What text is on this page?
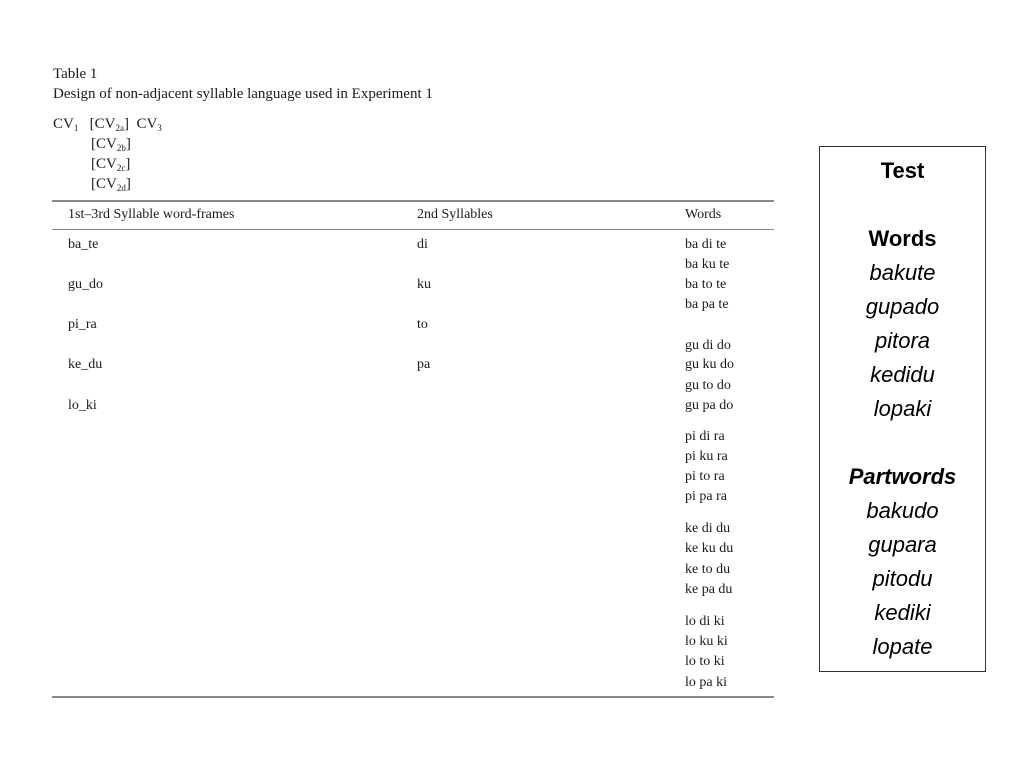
Table 1
Design of non-adjacent syllable language used in Experiment 1
$CV_1$   $[CV_{2a}]$  $CV_3$
$[CV_{2b}]$
$[CV_{2c}]$
$[CV_{2d}]$
1st–3rd Syllable word-frames	2nd Syllables	Words
ba_te
gu_do
pi_ra
ke_du
lo_ki
di
ku
to
pa
ba di te
ba ku te
ba to te
ba pa te
gu di do
gu ku do
gu to do
gu pa do
pi di ra
pi ku ra
pi to ra
pi pa ra
ke di du
ke ku du
ke to du
ke pa du
lo di ki
lo ku ki
lo to ki
lo pa ki
Test
Words
bakute
gupado
pitora
kedidu
lopaki
Partwords
bakudo
gupara
pitodu
kediki
lopate
